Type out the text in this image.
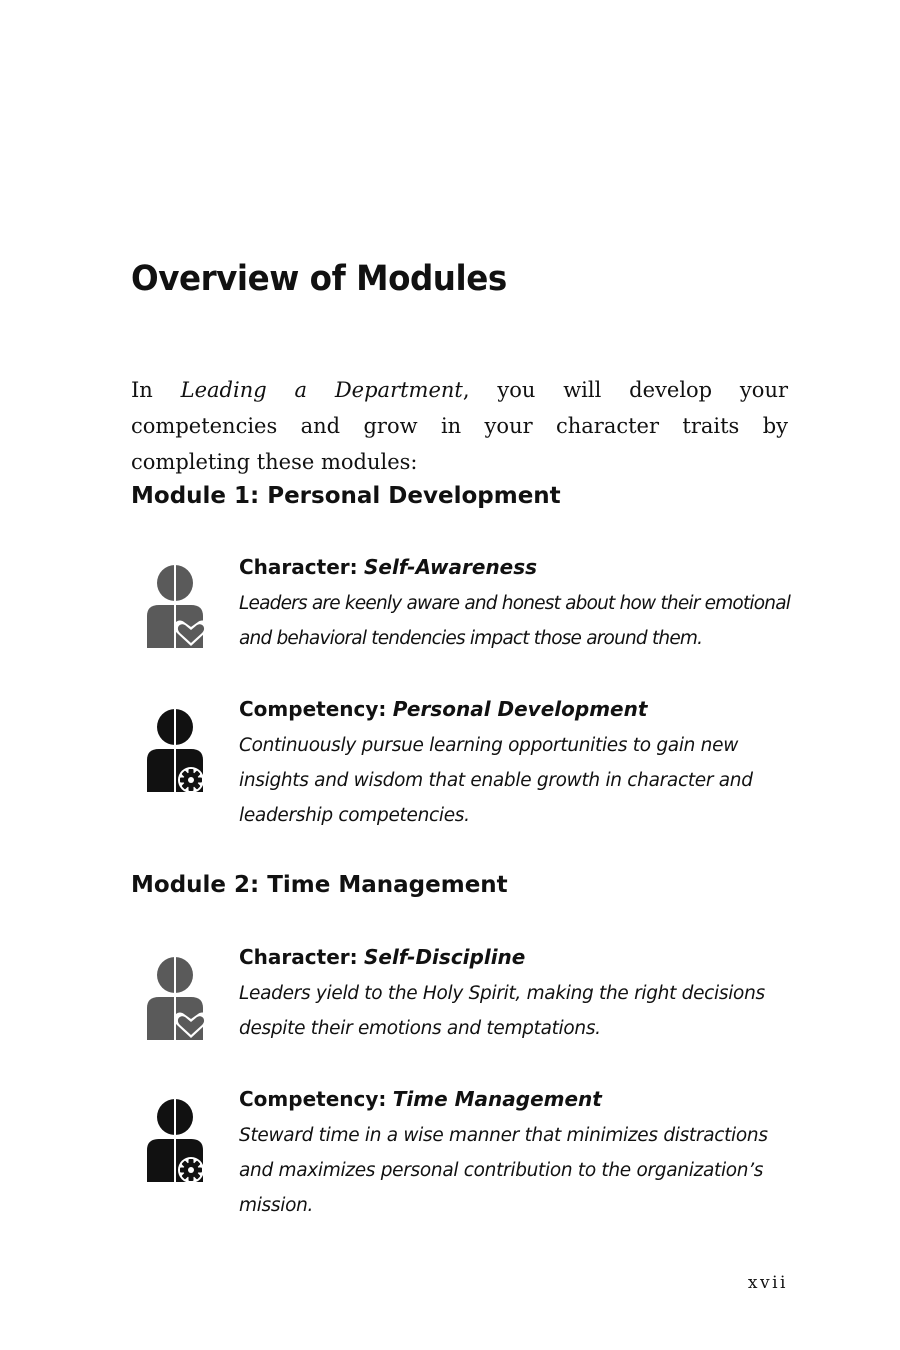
Overview of Modules

In Leading a Department, you will develop your competencies and grow in your character traits by completing these modules:

Module 1: Personal Development

Character: Self-Awareness

Leaders are keenly aware and honest about how their emotional and behavioral tendencies impact those around them.

Competency: Personal Development

Continuously pursue learning opportunities to gain new insights and wisdom that enable growth in character and leadership competencies.

Module 2: Time Management

Character: Self-Discipline

Leaders yield to the Holy Spirit, making the right decisions despite their emotions and temptations.

Competency: Time Management

Steward time in a wise manner that minimizes distractions and maximizes personal contribution to the organization’s mission.

xvii
